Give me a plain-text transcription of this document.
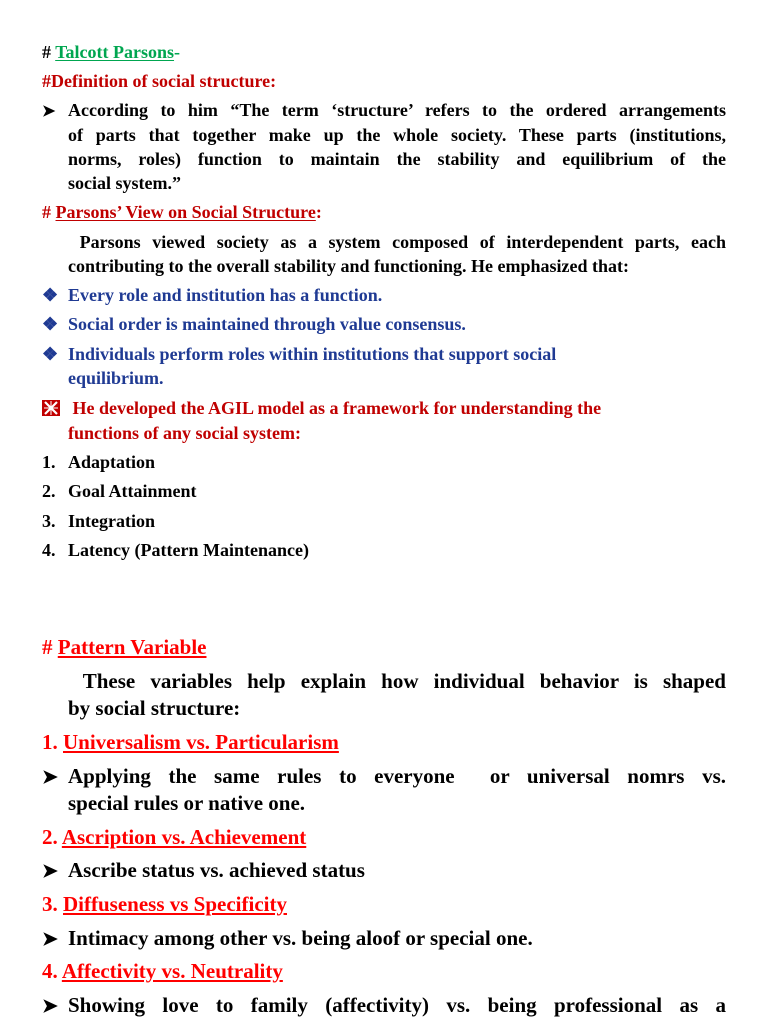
# Talcott Parsons-
#Definition of social structure:
➤ According to him “The term ‘structure’ refers to the ordered arrangements
of parts that together make up the whole society. These parts (institutions,
norms, roles) function to maintain the stability and equilibrium of the
social system.”
# Parsons’ View on Social Structure:
Parsons viewed society as a system composed of interdependent parts, each
contributing to the overall stability and functioning. He emphasized that:
❖ Every role and institution has a function.
❖ Social order is maintained through value consensus.
❖ Individuals perform roles within institutions that support social
equilibrium.
He developed the AGIL model as a framework for understanding the
functions of any social system:
1. Adaptation
2. Goal Attainment
3. Integration
4. Latency (Pattern Maintenance)
# Pattern Variable
These variables help explain how individual behavior is shaped
by social structure:
1. Universalism vs. Particularism
➤ Applying the same rules to everyone  or universal nomrs vs.
special rules or native one.
2. Ascription vs. Achievement
➤ Ascribe status vs. achieved status
3. Diffuseness vs Specificity
➤ Intimacy among other vs. being aloof or special one.
4. Affectivity vs. Neutrality
➤ Showing love to family (affectivity) vs. being professional as a
